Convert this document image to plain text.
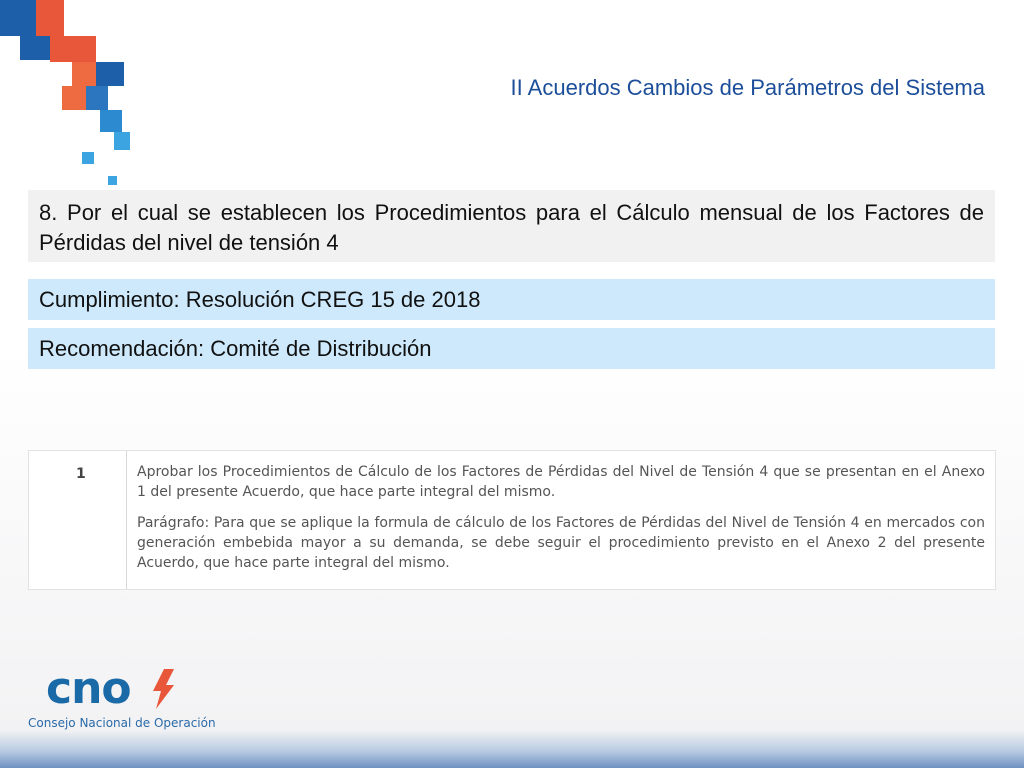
II Acuerdos Cambios de Parámetros del Sistema
8. Por el cual se establecen los Procedimientos para el Cálculo mensual de los Factores de Pérdidas del nivel de tensión 4
Cumplimiento: Resolución CREG 15 de 2018
Recomendación: Comité de Distribución
1	Aprobar los Procedimientos de Cálculo de los Factores de Pérdidas del Nivel de Tensión 4 que se presentan en el Anexo 1 del presente Acuerdo, que hace parte integral del mismo.

Parágrafo: Para que se aplique la formula de cálculo de los Factores de Pérdidas del Nivel de Tensión 4 en mercados con generación embebida mayor a su demanda, se debe seguir el procedimiento previsto en el Anexo 2 del presente Acuerdo, que hace parte integral del mismo.

cno
Consejo Nacional de Operación
